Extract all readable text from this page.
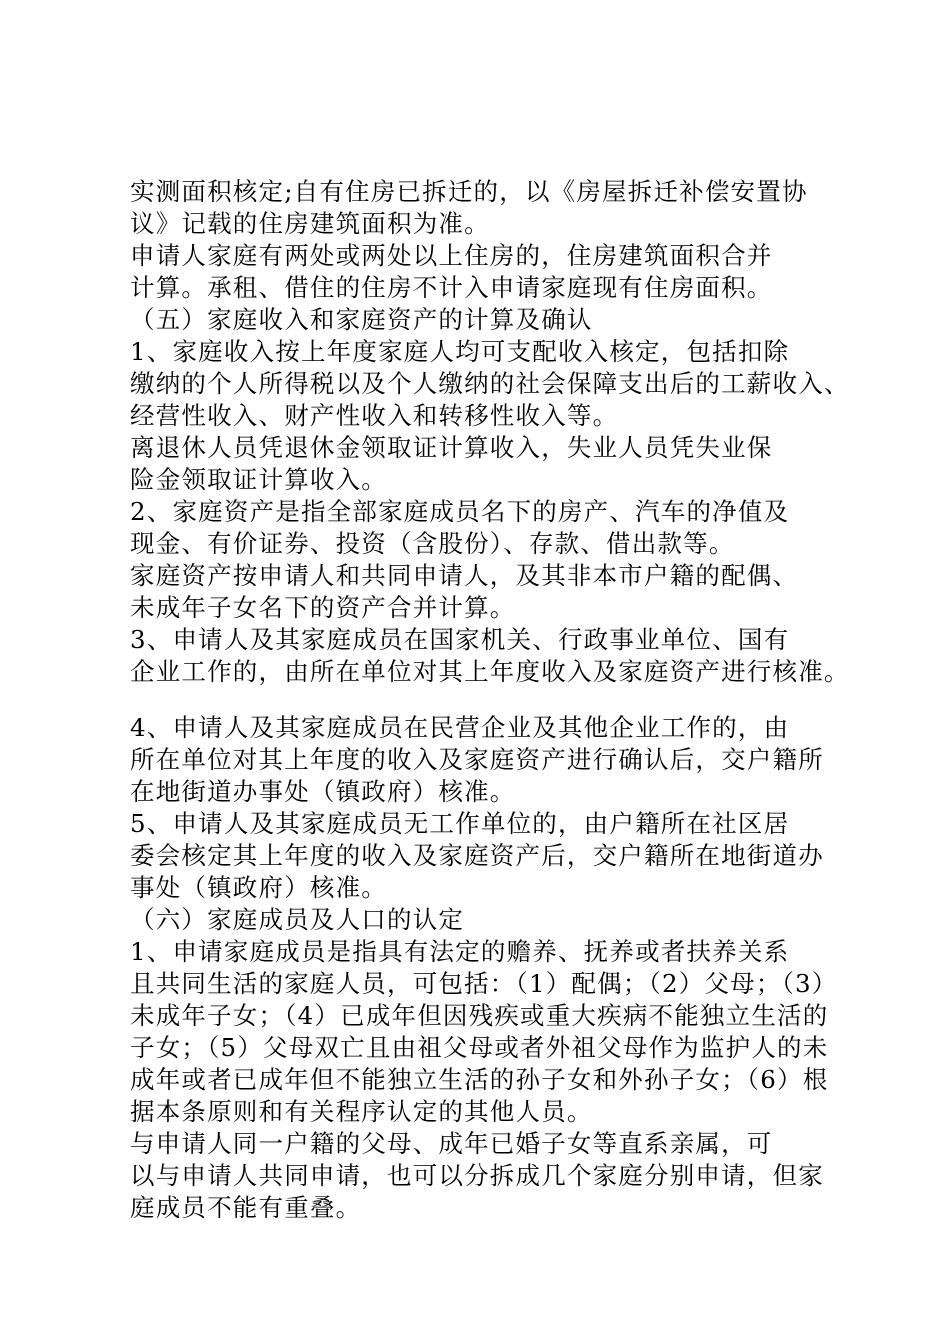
实测面积核定;自有住房已拆迁的，以《房屋拆迁补偿安置协
议》记载的住房建筑面积为准。
申请人家庭有两处或两处以上住房的，住房建筑面积合并
计算。承租、借住的住房不计入申请家庭现有住房面积。
（五）家庭收入和家庭资产的计算及确认
1、家庭收入按上年度家庭人均可支配收入核定，包括扣除
缴纳的个人所得税以及个人缴纳的社会保障支出后的工薪收入、
经营性收入、财产性收入和转移性收入等。
离退休人员凭退休金领取证计算收入，失业人员凭失业保
险金领取证计算收入。
2、家庭资产是指全部家庭成员名下的房产、汽车的净值及
现金、有价证券、投资（含股份）、存款、借出款等。
家庭资产按申请人和共同申请人，及其非本市户籍的配偶、
未成年子女名下的资产合并计算。
3、申请人及其家庭成员在国家机关、行政事业单位、国有
企业工作的，由所在单位对其上年度收入及家庭资产进行核准。
4、申请人及其家庭成员在民营企业及其他企业工作的，由
所在单位对其上年度的收入及家庭资产进行确认后，交户籍所
在地街道办事处（镇政府）核准。
5、申请人及其家庭成员无工作单位的，由户籍所在社区居
委会核定其上年度的收入及家庭资产后，交户籍所在地街道办
事处（镇政府）核准。
（六）家庭成员及人口的认定
1、申请家庭成员是指具有法定的赡养、抚养或者扶养关系
且共同生活的家庭人员，可包括：（1）配偶；（2）父母；（3）
未成年子女；（4）已成年但因残疾或重大疾病不能独立生活的
子女；（5）父母双亡且由祖父母或者外祖父母作为监护人的未
成年或者已成年但不能独立生活的孙子女和外孙子女；（6）根
据本条原则和有关程序认定的其他人员。
与申请人同一户籍的父母、成年已婚子女等直系亲属，可
以与申请人共同申请，也可以分拆成几个家庭分别申请，但家
庭成员不能有重叠。
